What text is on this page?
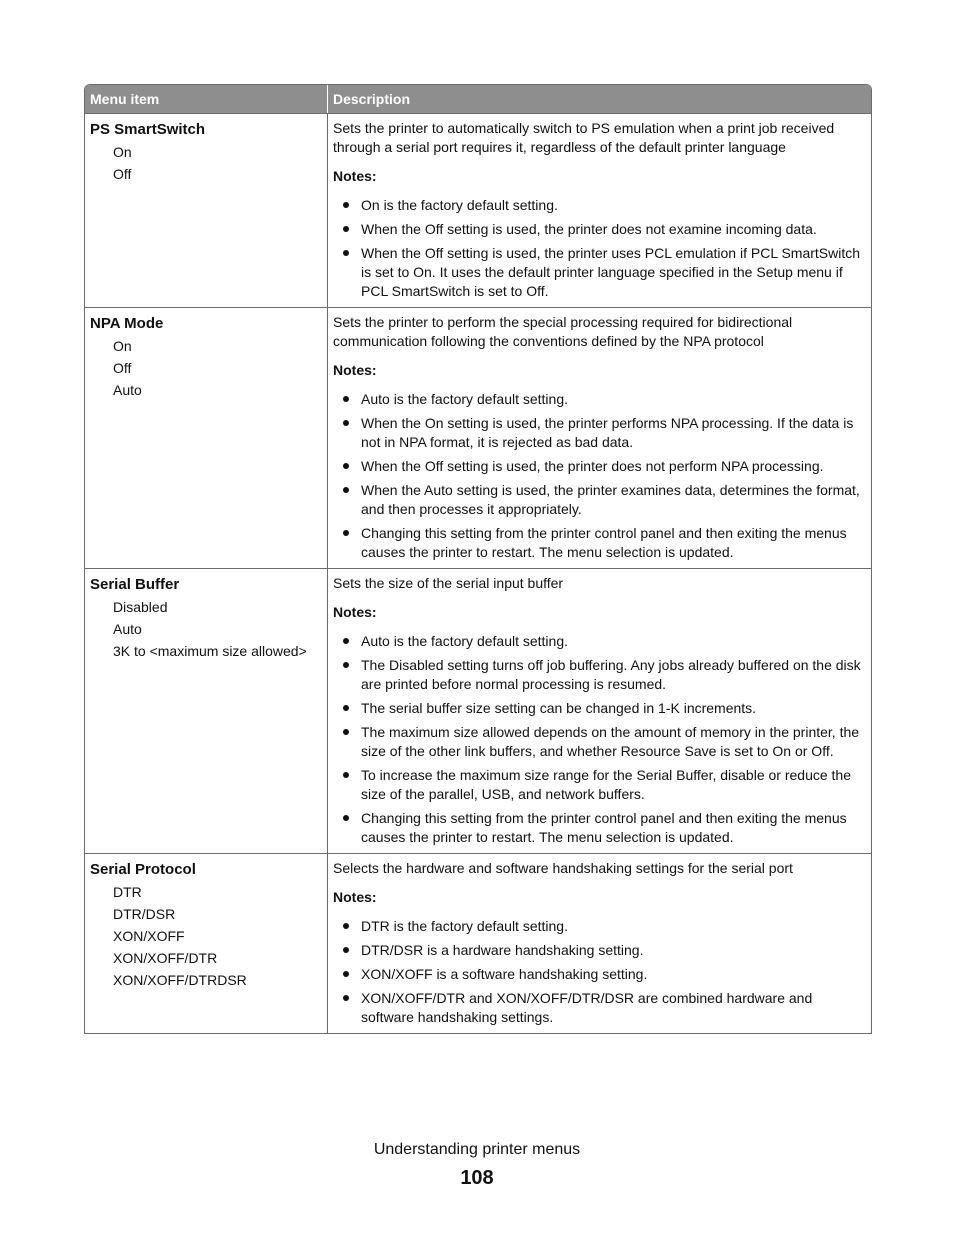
Menu item	Description
PS SmartSwitch
On
Off

Sets the printer to automatically switch to PS emulation when a print job received through a serial port requires it, regardless of the default printer language

Notes:

On is the factory default setting.
When the Off setting is used, the printer does not examine incoming data.
When the Off setting is used, the printer uses PCL emulation if PCL SmartSwitch is set to On. It uses the default printer language specified in the Setup menu if PCL SmartSwitch is set to Off.
NPA Mode
On
Off
Auto

Sets the printer to perform the special processing required for bidirectional communication following the conventions defined by the NPA protocol

Notes:

Auto is the factory default setting.
When the On setting is used, the printer performs NPA processing. If the data is not in NPA format, it is rejected as bad data.
When the Off setting is used, the printer does not perform NPA processing.
When the Auto setting is used, the printer examines data, determines the format, and then processes it appropriately.
Changing this setting from the printer control panel and then exiting the menus causes the printer to restart. The menu selection is updated.
Serial Buffer
Disabled
Auto
3K to <maximum size allowed>

Sets the size of the serial input buffer

Notes:

Auto is the factory default setting.
The Disabled setting turns off job buffering. Any jobs already buffered on the disk are printed before normal processing is resumed.
The serial buffer size setting can be changed in 1-K increments.
The maximum size allowed depends on the amount of memory in the printer, the size of the other link buffers, and whether Resource Save is set to On or Off.
To increase the maximum size range for the Serial Buffer, disable or reduce the size of the parallel, USB, and network buffers.
Changing this setting from the printer control panel and then exiting the menus causes the printer to restart. The menu selection is updated.
Serial Protocol
DTR
DTR/DSR
XON/XOFF
XON/XOFF/DTR
XON/XOFF/DTRDSR

Selects the hardware and software handshaking settings for the serial port

Notes:

DTR is the factory default setting.
DTR/DSR is a hardware handshaking setting.
XON/XOFF is a software handshaking setting.
XON/XOFF/DTR and XON/XOFF/DTR/DSR are combined hardware and software handshaking settings.
Understanding printer menus
108
